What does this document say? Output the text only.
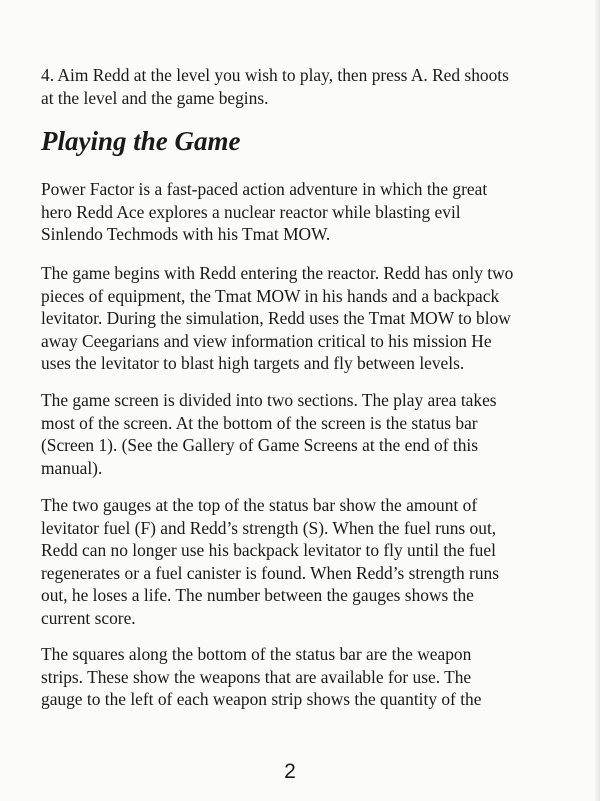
4. Aim Redd at the level you wish to play, then press A. Red shoots
at the level and the game begins.

Playing the Game

Power Factor is a fast-paced action adventure in which the great
hero Redd Ace explores a nuclear reactor while blasting evil
Sinlendo Techmods with his Tmat MOW.

The game begins with Redd entering the reactor. Redd has only two
pieces of equipment, the Tmat MOW in his hands and a backpack
levitator. During the simulation, Redd uses the Tmat MOW to blow
away Ceegarians and view information critical to his mission He
uses the levitator to blast high targets and fly between levels.

The game screen is divided into two sections. The play area takes
most of the screen. At the bottom of the screen is the status bar
(Screen 1). (See the Gallery of Game Screens at the end of this
manual).

The two gauges at the top of the status bar show the amount of
levitator fuel (F) and Redd’s strength (S). When the fuel runs out,
Redd can no longer use his backpack levitator to fly until the fuel
regenerates or a fuel canister is found. When Redd’s strength runs
out, he loses a life. The number between the gauges shows the
current score.

The squares along the bottom of the status bar are the weapon
strips. These show the weapons that are available for use. The
gauge to the left of each weapon strip shows the quantity of the

2
